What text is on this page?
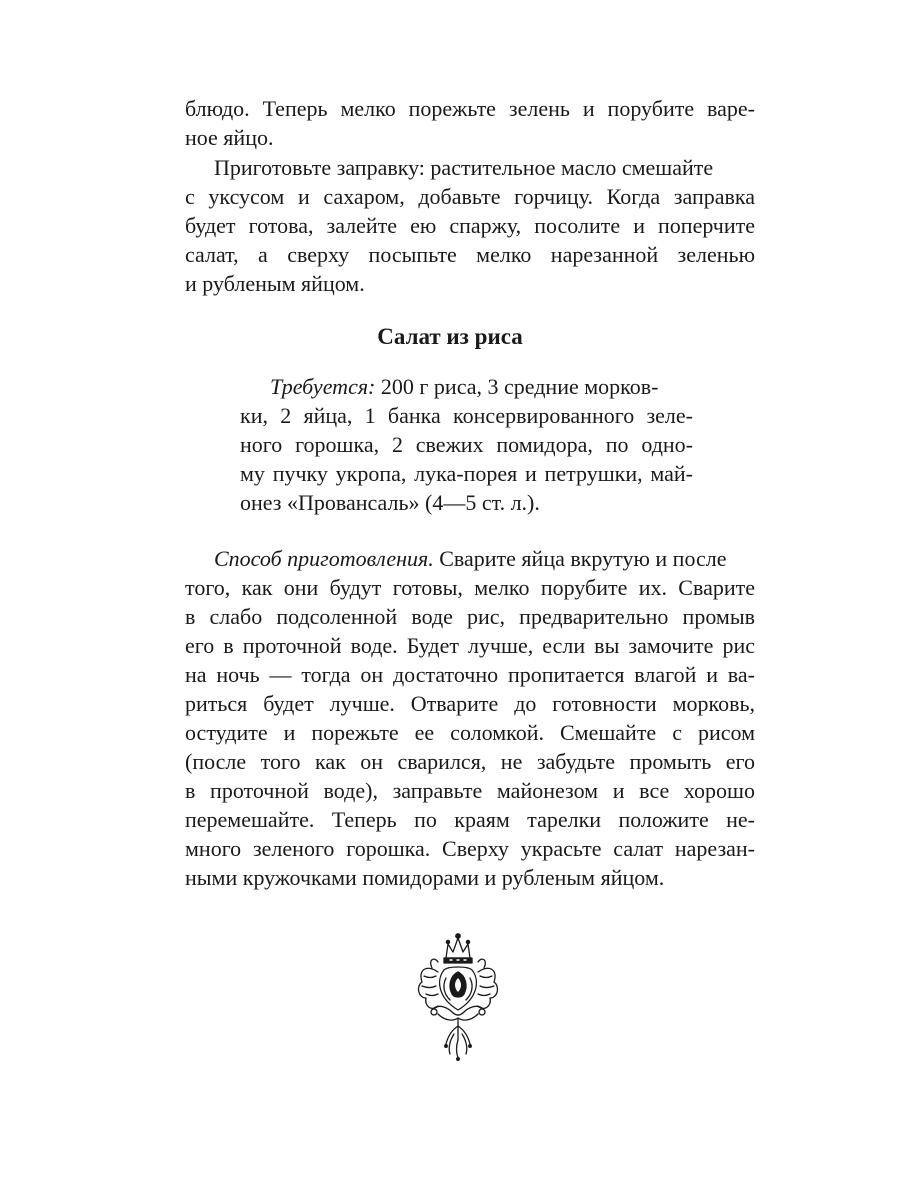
блюдо. Теперь мелко порежьте зелень и порубите варе-
ное яйцо.
Приготовьте заправку: растительное масло смешайте
с уксусом и сахаром, добавьте горчицу. Когда заправка
будет готова, залейте ею спаржу, посолите и поперчите
салат, а сверху посыпьте мелко нарезанной зеленью
и рубленым яйцом.
Салат из риса
Требуется: 200 г риса, 3 средние морков-
ки, 2 яйца, 1 банка консервированного зеле-
ного горошка, 2 свежих помидора, по одно-
му пучку укропа, лука-порея и петрушки, май-
онез «Провансаль» (4—5 ст. л.).
Способ приготовления. Сварите яйца вкрутую и после
того, как они будут готовы, мелко порубите их. Сварите
в слабо подсоленной воде рис, предварительно промыв
его в проточной воде. Будет лучше, если вы замочите рис
на ночь — тогда он достаточно пропитается влагой и ва-
риться будет лучше. Отварите до готовности морковь,
остудите и порежьте ее соломкой. Смешайте с рисом
(после того как он сварился, не забудьте промыть его
в проточной воде), заправьте майонезом и все хорошо
перемешайте. Теперь по краям тарелки положите не-
много зеленого горошка. Сверху украсьте салат нарезан-
ными кружочками помидорами и рубленым яйцом.
